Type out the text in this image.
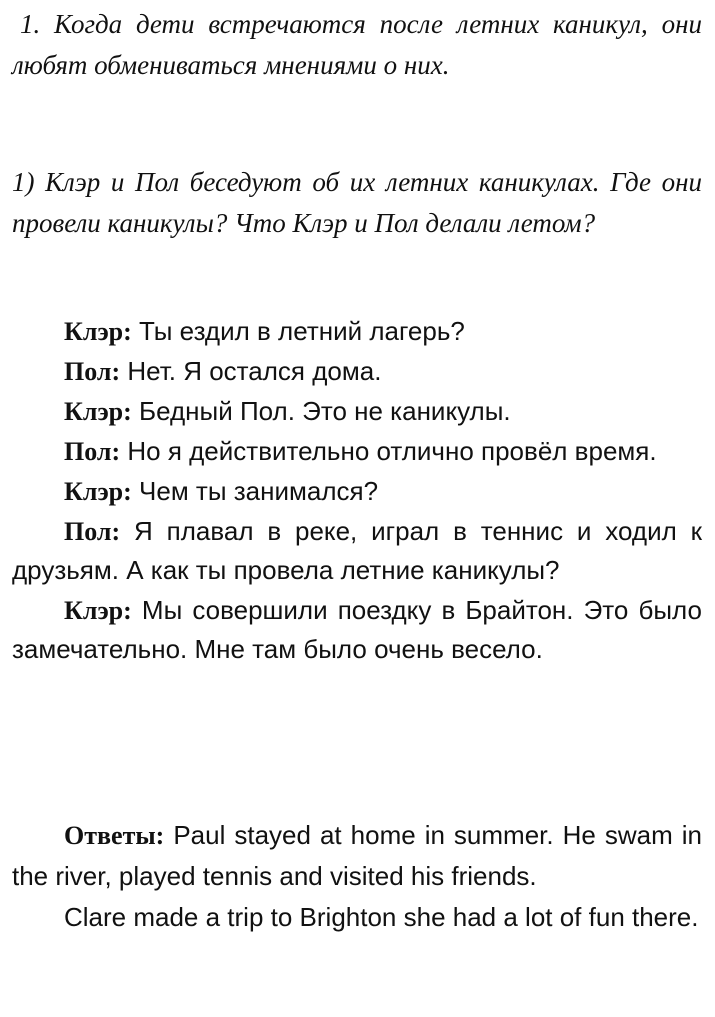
1. Когда дети встречаются после летних каникул, они любят обмениваться мнениями о них.

1) Клэр и Пол беседуют об их летних каникулах. Где они провели каникулы? Что Клэр и Пол делали летом?

Клэр: Ты ездил в летний лагерь?

Пол: Нет. Я остался дома.

Клэр: Бедный Пол. Это не каникулы.

Пол: Но я действительно отлично провёл время.

Клэр: Чем ты занимался?

Пол: Я плавал в реке, играл в теннис и ходил к друзьям. А как ты провела летние каникулы?

Клэр: Мы совершили поездку в Брайтон. Это было замечательно. Мне там было очень весело.

Ответы: Paul stayed at home in summer. He swam in the river, played tennis and visited his friends.

Clare made a trip to Brighton she had a lot of fun there.
